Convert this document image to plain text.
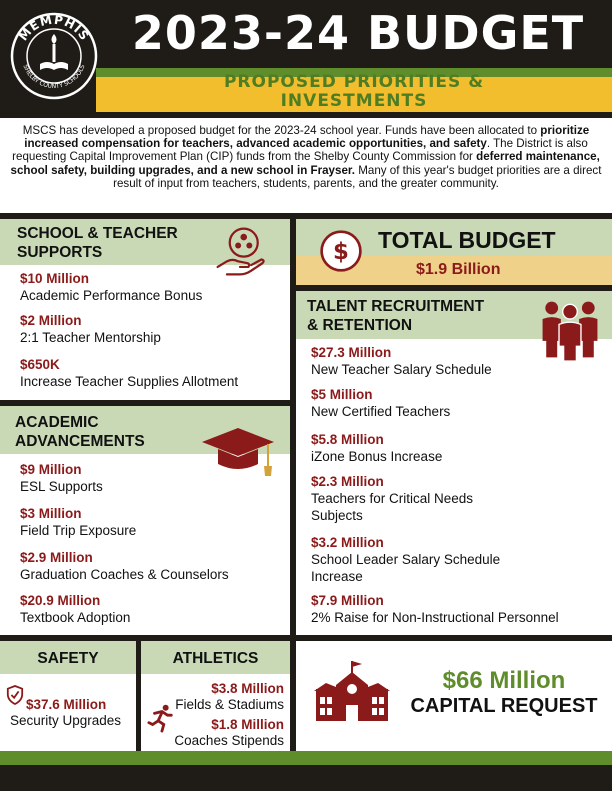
MEMPHIS
SHELBY COUNTY SCHOOLS
2023-24 BUDGET
PROPOSED PRIORITIES &
INVESTMENTS
MSCS has developed a proposed budget for the 2023-24 school year. Funds have been allocated to prioritize increased compensation for teachers, advanced academic opportunities, and safety. The District is also requesting Capital Improvement Plan (CIP) funds from the Shelby County Commission for deferred maintenance, school safety, building upgrades, and a new school in Frayser. Many of this year's budget priorities are a direct result of input from teachers, students, parents, and the greater community.
SCHOOL & TEACHER
SUPPORTS
$10 Million
Academic Performance Bonus
$2 Million
2:1 Teacher Mentorship
$650K
Increase Teacher Supplies Allotment
$ TOTAL BUDGET
$1.9 Billion
TALENT RECRUITMENT
& RETENTION
$27.3 Million
New Teacher Salary Schedule
$5 Million
New Certified Teachers
$5.8 Million
iZone Bonus Increase
$2.3 Million
Teachers for Critical Needs Subjects
$3.2 Million
School Leader Salary Schedule Increase
$7.9 Million
2% Raise for Non-Instructional Personnel
ACADEMIC
ADVANCEMENTS
$9 Million
ESL Supports
$3 Million
Field Trip Exposure
$2.9 Million
Graduation Coaches & Counselors
$20.9 Million
Textbook Adoption
SAFETY
$37.6 Million
Security Upgrades
ATHLETICS
$3.8 Million
Fields & Stadiums
$1.8 Million
Coaches Stipends
$66 Million
CAPITAL REQUEST
